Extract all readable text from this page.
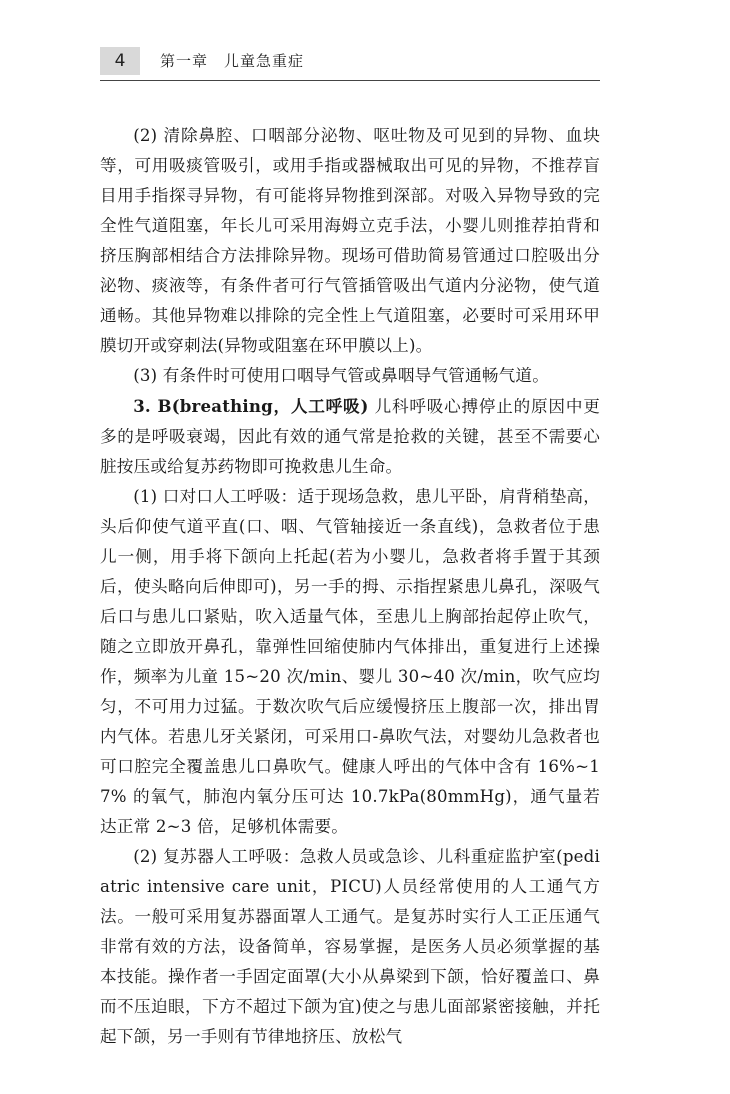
4	第一章　儿童急重症

(2) 清除鼻腔、口咽部分泌物、呕吐物及可见到的异物、血块等，可用吸痰管吸引，或用手指或器械取出可见的异物，不推荐盲目用手指探寻异物，有可能将异物推到深部。对吸入异物导致的完全性气道阻塞，年长儿可采用海姆立克手法，小婴儿则推荐拍背和挤压胸部相结合方法排除异物。现场可借助简易管通过口腔吸出分泌物、痰液等，有条件者可行气管插管吸出气道内分泌物，使气道通畅。其他异物难以排除的完全性上气道阻塞，必要时可采用环甲膜切开或穿刺法(异物或阻塞在环甲膜以上)。

(3) 有条件时可使用口咽导气管或鼻咽导气管通畅气道。

3. B(breathing，人工呼吸) 儿科呼吸心搏停止的原因中更多的是呼吸衰竭，因此有效的通气常是抢救的关键，甚至不需要心脏按压或给复苏药物即可挽救患儿生命。

(1) 口对口人工呼吸：适于现场急救，患儿平卧，肩背稍垫高，头后仰使气道平直(口、咽、气管轴接近一条直线)，急救者位于患儿一侧，用手将下颌向上托起(若为小婴儿，急救者将手置于其颈后，使头略向后伸即可)，另一手的拇、示指捏紧患儿鼻孔，深吸气后口与患儿口紧贴，吹入适量气体，至患儿上胸部抬起停止吹气，随之立即放开鼻孔，靠弹性回缩使肺内气体排出，重复进行上述操作，频率为儿童 15~20 次/min、婴儿 30~40 次/min，吹气应均匀，不可用力过猛。于数次吹气后应缓慢挤压上腹部一次，排出胃内气体。若患儿牙关紧闭，可采用口-鼻吹气法，对婴幼儿急救者也可口腔完全覆盖患儿口鼻吹气。健康人呼出的气体中含有 16%~17% 的氧气，肺泡内氧分压可达 10.7kPa(80mmHg)，通气量若达正常 2~3 倍，足够机体需要。

(2) 复苏器人工呼吸：急救人员或急诊、儿科重症监护室(pediatric intensive care unit，PICU)人员经常使用的人工通气方法。一般可采用复苏器面罩人工通气。是复苏时实行人工正压通气非常有效的方法，设备简单，容易掌握，是医务人员必须掌握的基本技能。操作者一手固定面罩(大小从鼻梁到下颌，恰好覆盖口、鼻而不压迫眼，下方不超过下颌为宜)使之与患儿面部紧密接触，并托起下颌，另一手则有节律地挤压、放松气
